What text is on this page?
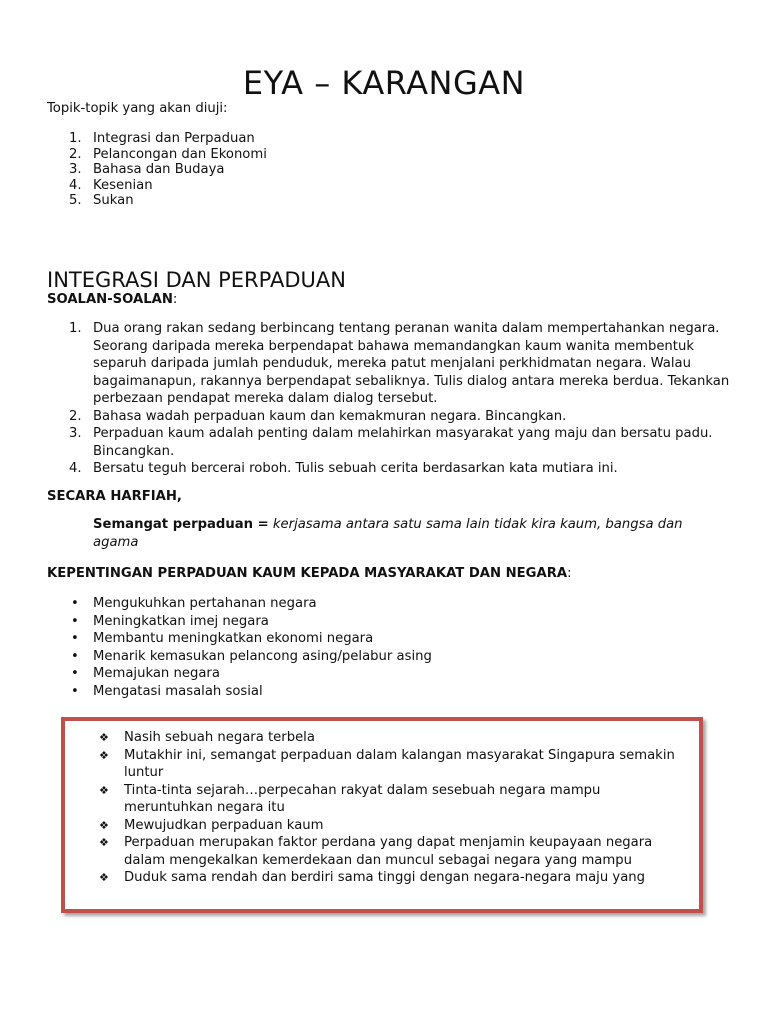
EYA – KARANGAN
Topik-topik yang akan diuji:
1. Integrasi dan Perpaduan
2. Pelancongan dan Ekonomi
3. Bahasa dan Budaya
4. Kesenian
5. Sukan
INTEGRASI DAN PERPADUAN
SOALAN-SOALAN:
1. Dua orang rakan sedang berbincang tentang peranan wanita dalam mempertahankan negara. Seorang daripada mereka berpendapat bahawa memandangkan kaum wanita membentuk separuh daripada jumlah penduduk, mereka patut menjalani perkhidmatan negara. Walau bagaimanapun, rakannya berpendapat sebaliknya. Tulis dialog antara mereka berdua. Tekankan perbezaan pendapat mereka dalam dialog tersebut.
2. Bahasa wadah perpaduan kaum dan kemakmuran negara. Bincangkan.
3. Perpaduan kaum adalah penting dalam melahirkan masyarakat yang maju dan bersatu padu. Bincangkan.
4. Bersatu teguh bercerai roboh. Tulis sebuah cerita berdasarkan kata mutiara ini.
SECARA HARFIAH,
Semangat perpaduan = kerjasama antara satu sama lain tidak kira kaum, bangsa dan agama
KEPENTINGAN PERPADUAN KAUM KEPADA MASYARAKAT DAN NEGARA:
• Mengukuhkan pertahanan negara
• Meningkatkan imej negara
• Membantu meningkatkan ekonomi negara
• Menarik kemasukan pelancong asing/pelabur asing
• Memajukan negara
• Mengatasi masalah sosial
❖ Nasih sebuah negara terbela
❖ Mutakhir ini, semangat perpaduan dalam kalangan masyarakat Singapura semakin luntur
❖ Tinta-tinta sejarah…perpecahan rakyat dalam sesebuah negara mampu meruntuhkan negara itu
❖ Mewujudkan perpaduan kaum
❖ Perpaduan merupakan faktor perdana yang dapat menjamin keupayaan negara dalam mengekalkan kemerdekaan dan muncul sebagai negara yang mampu
❖ Duduk sama rendah dan berdiri sama tinggi dengan negara-negara maju yang
